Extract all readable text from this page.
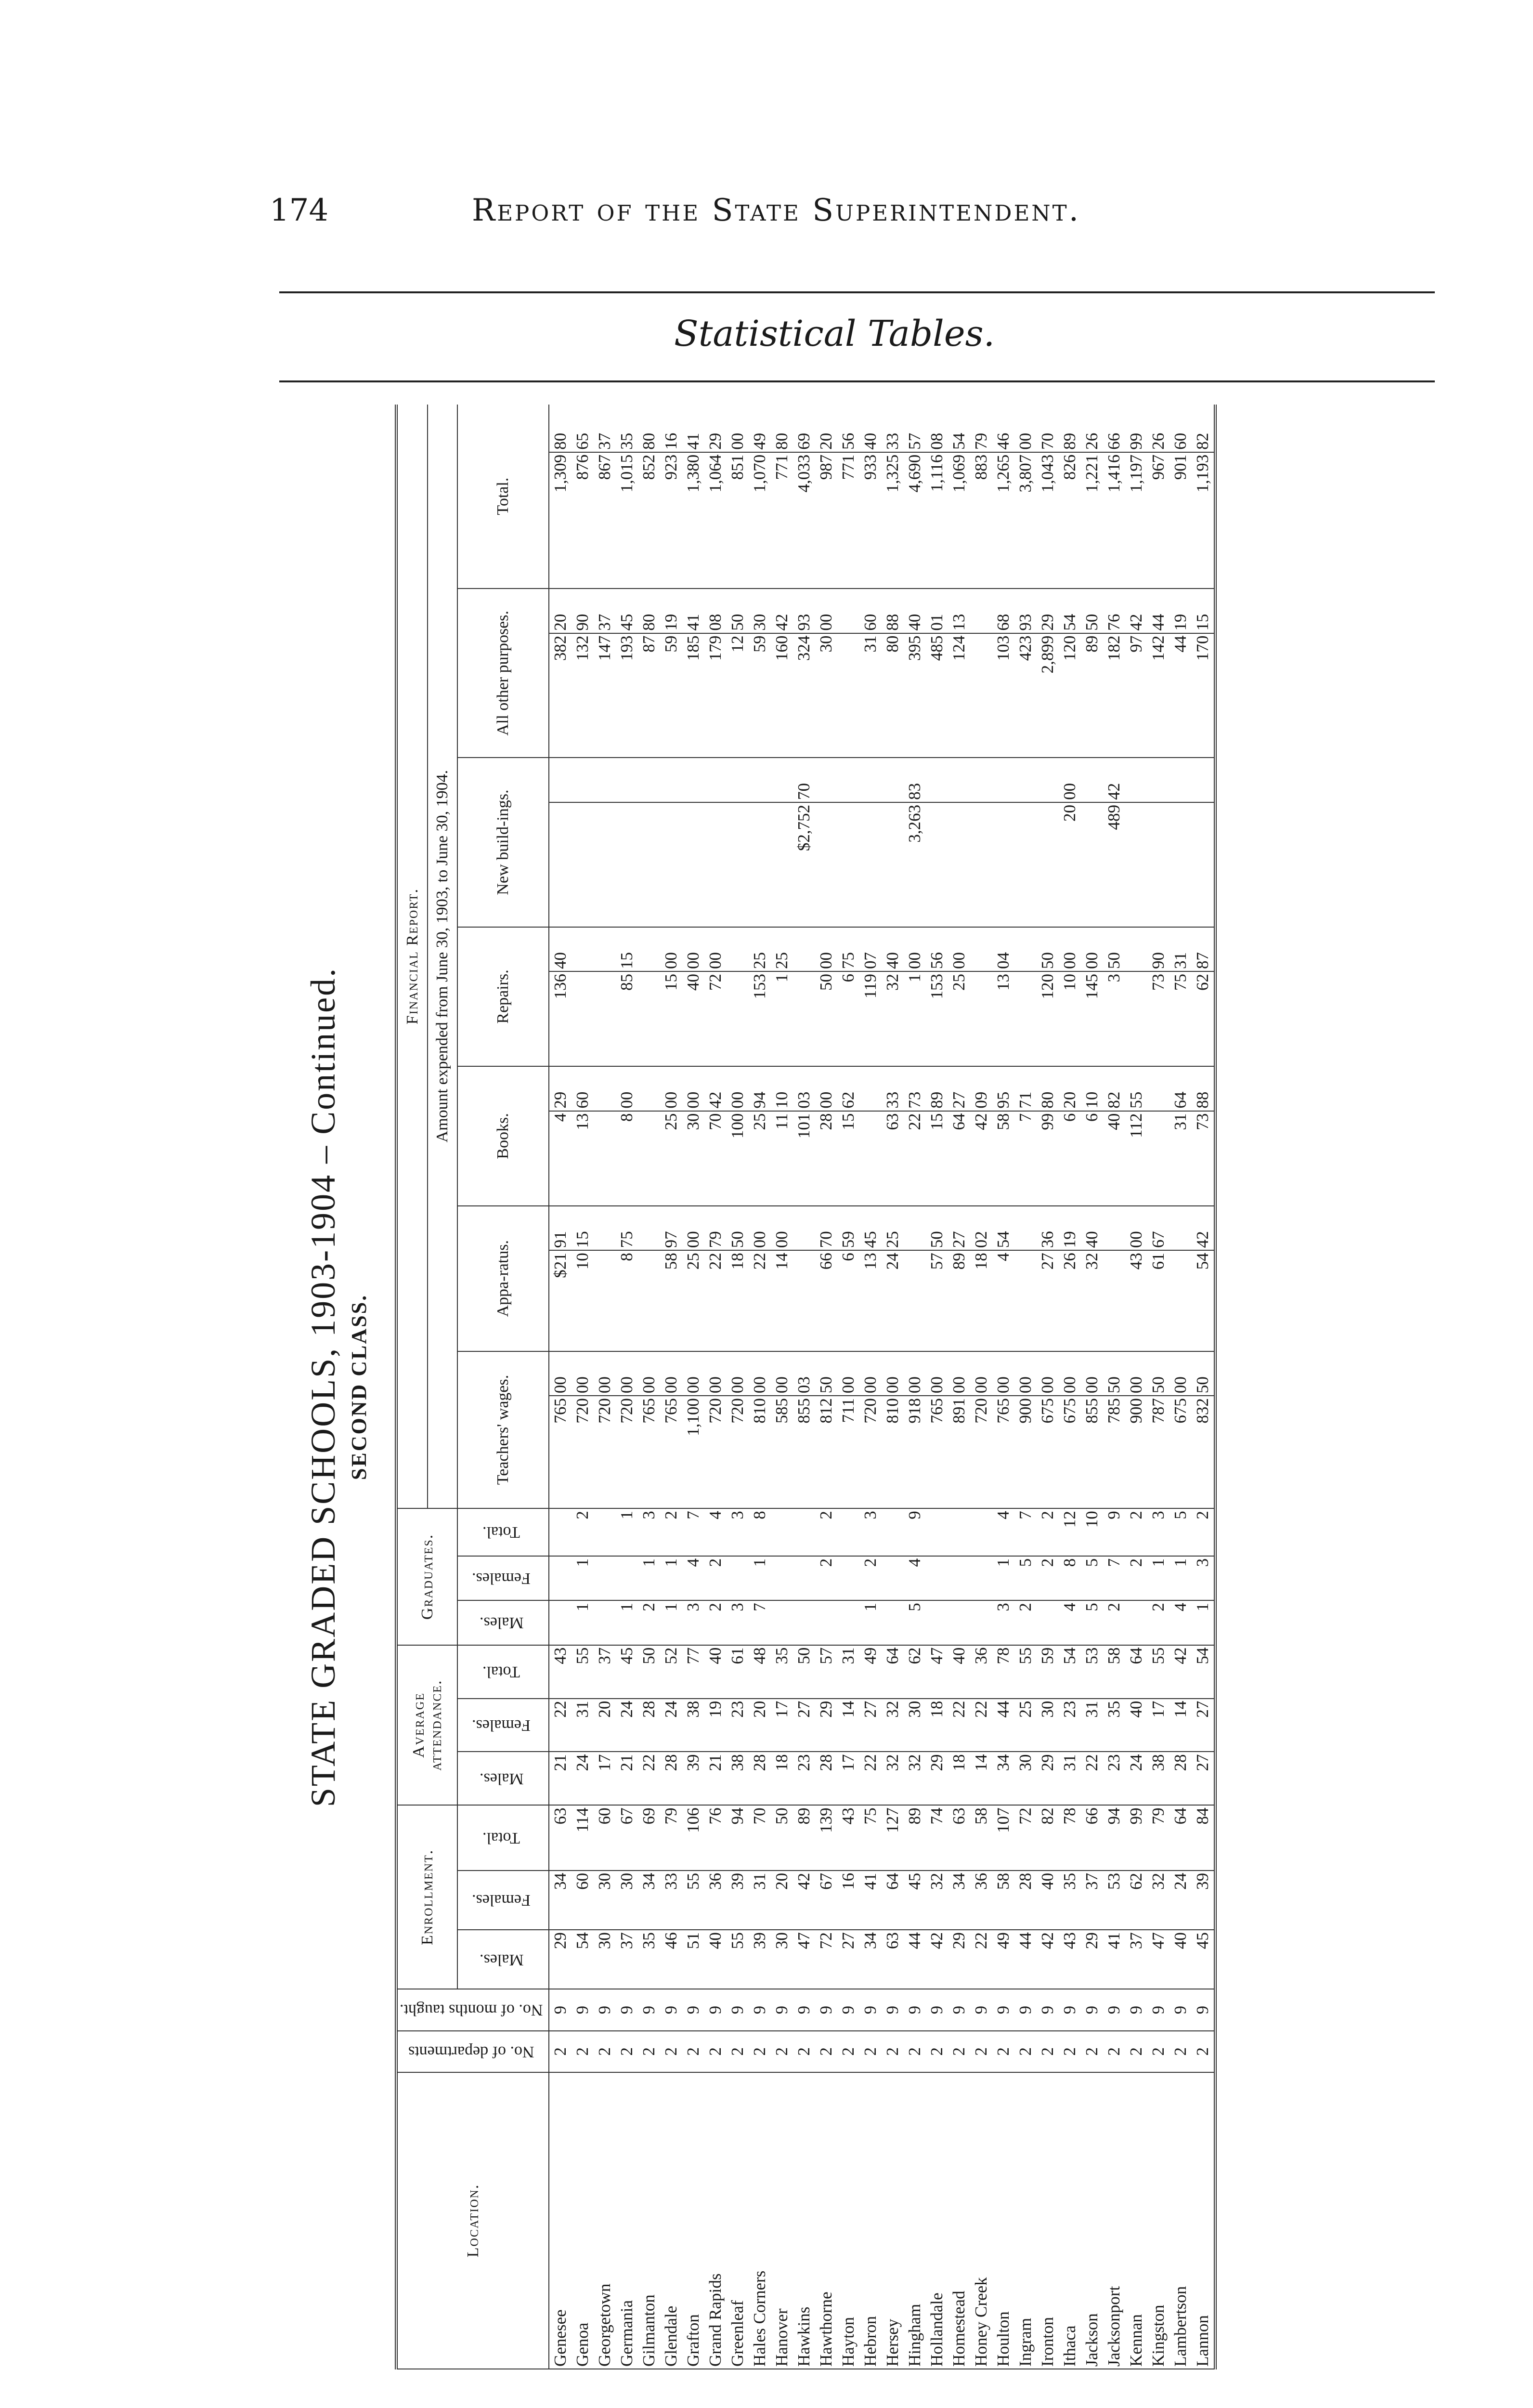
174	Report of the State Superintendent.
Statistical Tables.
STATE GRADED SCHOOLS, 1903-1904 – Continued. SECOND CLASS.
Location.	No. of departments	No. of months taught.	Enrollment.			Average attendance.			Graduates.			Financial Report.													
												Amount expended from June 30, 1903, to June 30, 1904.													
			Males.	Females.	Total.	Males.	Females.	Total.	Males.	Females.	Total.	Teachers' wages.		Appa-ratus.		Books.		Repairs.		New build-ings.		All other purposes.		Total.	
Genesee	2	9	29	34	63	21	22	43				765	00	$21	91	4	29	136	40			382	20	1,309	80
Genoa	2	9	54	60	114	24	31	55	1	1	2	720	00	10	15	13	60					132	90	876	65
Georgetown	2	9	30	30	60	17	20	37				720	00									147	37	867	37
Germania	2	9	37	30	67	21	24	45	1		1	720	00	8	75	8	00	85	15			193	45	1,015	35
Gilmanton	2	9	35	34	69	22	28	50	2	1	3	765	00									87	80	852	80
Glendale	2	9	46	33	79	28	24	52	1	1	2	765	00	58	97	25	00	15	00			59	19	923	16
Grafton	2	9	51	55	106	39	38	77	3	4	7	1,100	00	25	00	30	00	40	00			185	41	1,380	41
Grand Rapids	2	9	40	36	76	21	19	40	2	2	4	720	00	22	79	70	42	72	00			179	08	1,064	29
Greenleaf	2	9	55	39	94	38	23	61	3		3	720	00	18	50	100	00					12	50	851	00
Hales Corners	2	9	39	31	70	28	20	48	7	1	8	810	00	22	00	25	94	153	25			59	30	1,070	49
Hanover	2	9	30	20	50	18	17	35				585	00	14	00	11	10	1	25			160	42	771	80
Hawkins	2	9	47	42	89	23	27	50				855	03			101	03			$2,752	70	324	93	4,033	69
Hawthorne	2	9	72	67	139	28	29	57		2	2	812	50	66	70	28	00	50	00			30	00	987	20
Hayton	2	9	27	16	43	17	14	31				711	00	6	59	15	62	6	75					771	56
Hebron	2	9	34	41	75	22	27	49	1	2	3	720	00	13	45			119	07			31	60	933	40
Hersey	2	9	63	64	127	32	32	64				810	00	24	25	63	33	32	40			80	88	1,325	33
Hingham	2	9	44	45	89	32	30	62	5	4	9	918	00			22	73	1	00	3,263	83	395	40	4,690	57
Hollandale	2	9	42	32	74	29	18	47				765	00	57	50	15	89	153	56			485	01	1,116	08
Homestead	2	9	29	34	63	18	22	40				891	00	89	27	64	27	25	00			124	13	1,069	54
Honey Creek	2	9	22	36	58	14	22	36				720	00	18	02	42	09							883	79
Houlton	2	9	49	58	107	34	44	78	3	1	4	765	00	4	54	58	95	13	04			103	68	1,265	46
Ingram	2	9	44	28	72	30	25	55	2	5	7	900	00			7	71					423	93	3,807	00
Ironton	2	9	42	40	82	29	30	59		2	2	675	00	27	36	99	80	120	50			2,899	29	1,043	70
Ithaca	2	9	43	35	78	31	23	54	4	8	12	675	00	26	19	6	20	10	00	20	00	120	54	826	89
Jackson	2	9	29	37	66	22	31	53	5	5	10	855	00	32	40	6	10	145	00			89	50	1,221	26
Jacksonport	2	9	41	53	94	23	35	58	2	7	9	785	50			40	82	3	50	489	42	182	76	1,416	66
Kennan	2	9	37	62	99	24	40	64		2	2	900	00	43	00	112	55					97	42	1,197	99
Kingston	2	9	47	32	79	38	17	55	2	1	3	787	50	61	67			73	90			142	44	967	26
Lambertson	2	9	40	24	64	28	14	42	4	1	5	675	00			31	64	75	31			44	19	901	60
Lannon	2	9	45	39	84	27	27	54	1	3	2	832	50	54	42	73	88	62	87			170	15	1,193	82
